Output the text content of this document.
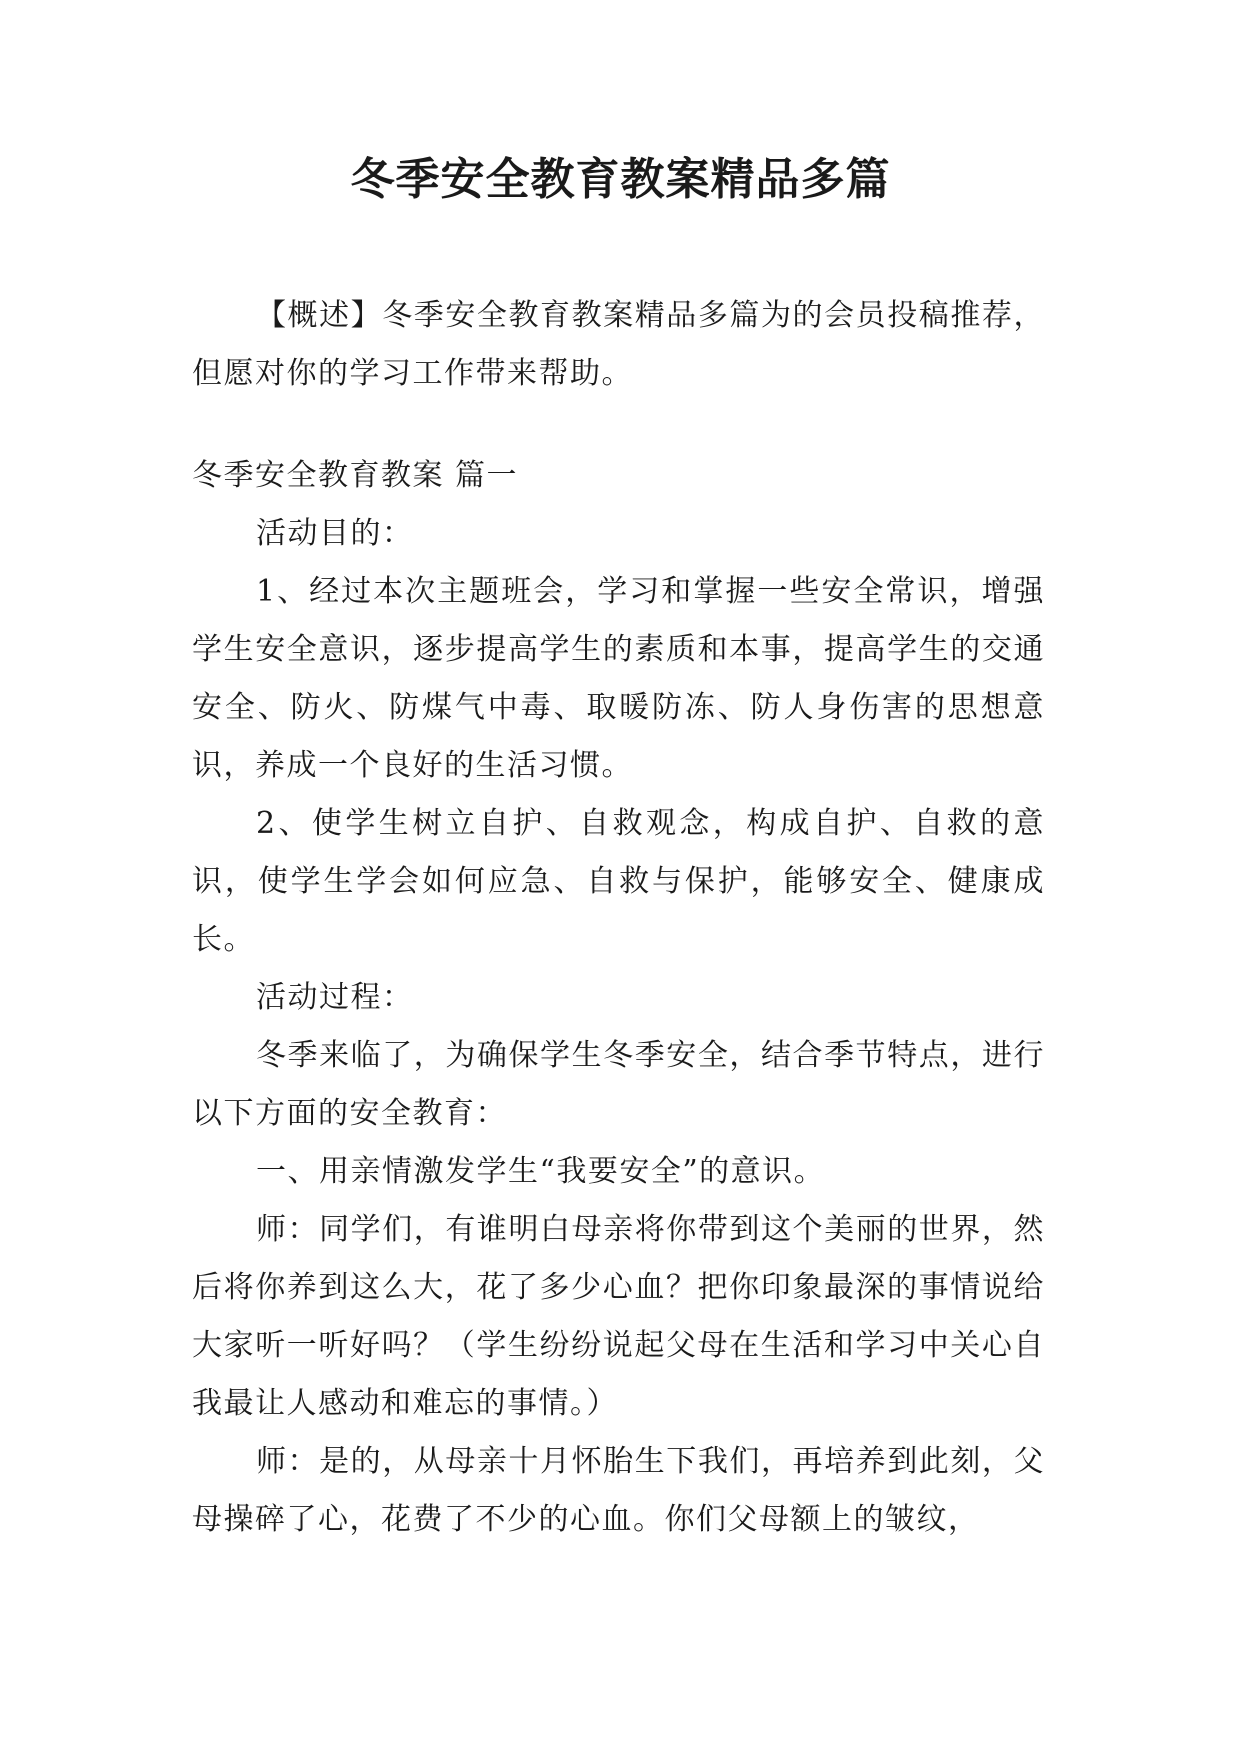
冬季安全教育教案精品多篇

【概述】冬季安全教育教案精品多篇为的会员投稿推荐，但愿对你的学习工作带来帮助。

冬季安全教育教案 篇一

活动目的：

1、经过本次主题班会，学习和掌握一些安全常识，增强学生安全意识，逐步提高学生的素质和本事，提高学生的交通安全、防火、防煤气中毒、取暖防冻、防人身伤害的思想意识，养成一个良好的生活习惯。

2、使学生树立自护、自救观念，构成自护、自救的意识，使学生学会如何应急、自救与保护，能够安全、健康成长。

活动过程：

冬季来临了，为确保学生冬季安全，结合季节特点，进行以下方面的安全教育：

一、用亲情激发学生“我要安全”的意识。

师：同学们，有谁明白母亲将你带到这个美丽的世界，然后将你养到这么大，花了多少心血？把你印象最深的事情说给大家听一听好吗？（学生纷纷说起父母在生活和学习中关心自我最让人感动和难忘的事情。）

师：是的，从母亲十月怀胎生下我们，再培养到此刻，父母操碎了心，花费了不少的心血。你们父母额上的皱纹，
